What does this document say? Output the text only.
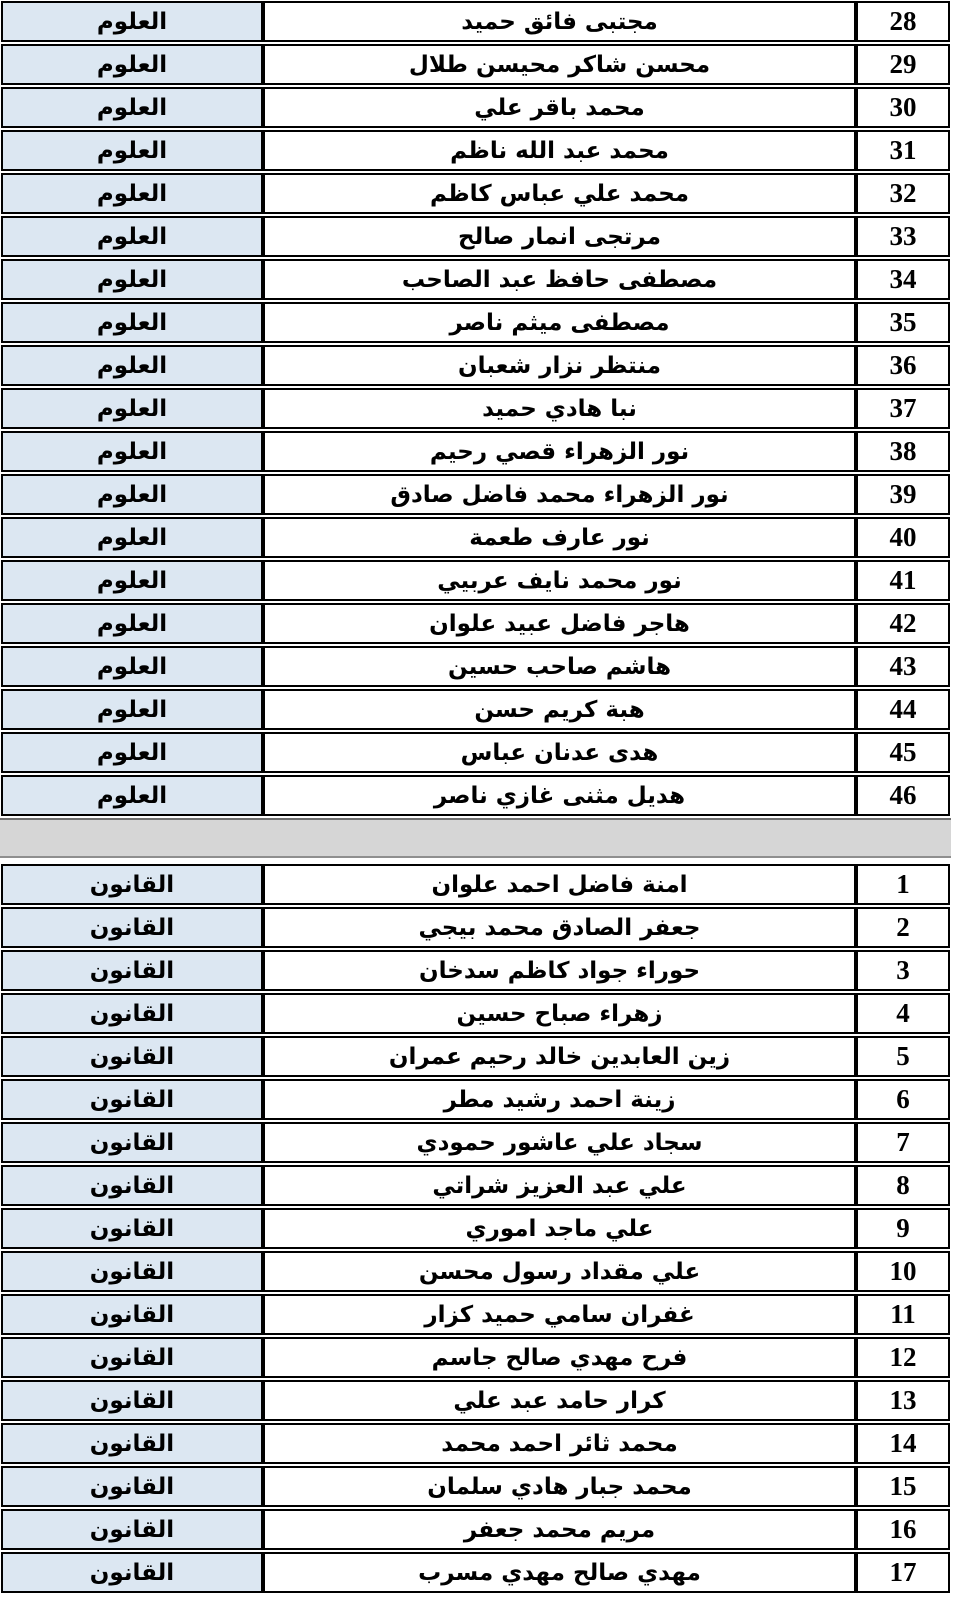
28
مجتبى فائق حميد
العلوم
29
محسن شاكر محيسن طلال
العلوم
30
محمد باقر علي
العلوم
31
محمد عبد الله ناظم
العلوم
32
محمد علي عباس كاظم
العلوم
33
مرتجى انمار صالح
العلوم
34
مصطفى حافظ عبد الصاحب
العلوم
35
مصطفى ميثم ناصر
العلوم
36
منتظر نزار شعبان
العلوم
37
نبا هادي حميد
العلوم
38
نور الزهراء قصي رحيم
العلوم
39
نور الزهراء محمد فاضل صادق
العلوم
40
نور عارف طعمة
العلوم
41
نور محمد نايف عربيي
العلوم
42
هاجر فاضل عبيد علوان
العلوم
43
هاشم صاحب حسين
العلوم
44
هبة كريم حسن
العلوم
45
هدى عدنان عباس
العلوم
46
هديل مثنى غازي ناصر
العلوم
1
امنة فاضل احمد علوان
القانون
2
جعفر الصادق محمد بيجي
القانون
3
حوراء جواد كاظم سدخان
القانون
4
زهراء صباح حسين
القانون
5
زين العابدين خالد رحيم عمران
القانون
6
زينة احمد رشيد مطر
القانون
7
سجاد علي عاشور حمودي
القانون
8
علي عبد العزيز شراتي
القانون
9
علي ماجد اموري
القانون
10
علي مقداد رسول محسن
القانون
11
غفران سامي حميد كزار
القانون
12
فرح مهدي صالح جاسم
القانون
13
كرار حامد عبد علي
القانون
14
محمد ثائر احمد محمد
القانون
15
محمد جبار هادي سلمان
القانون
16
مريم محمد جعفر
القانون
17
مهدي صالح مهدي مسرب
القانون
